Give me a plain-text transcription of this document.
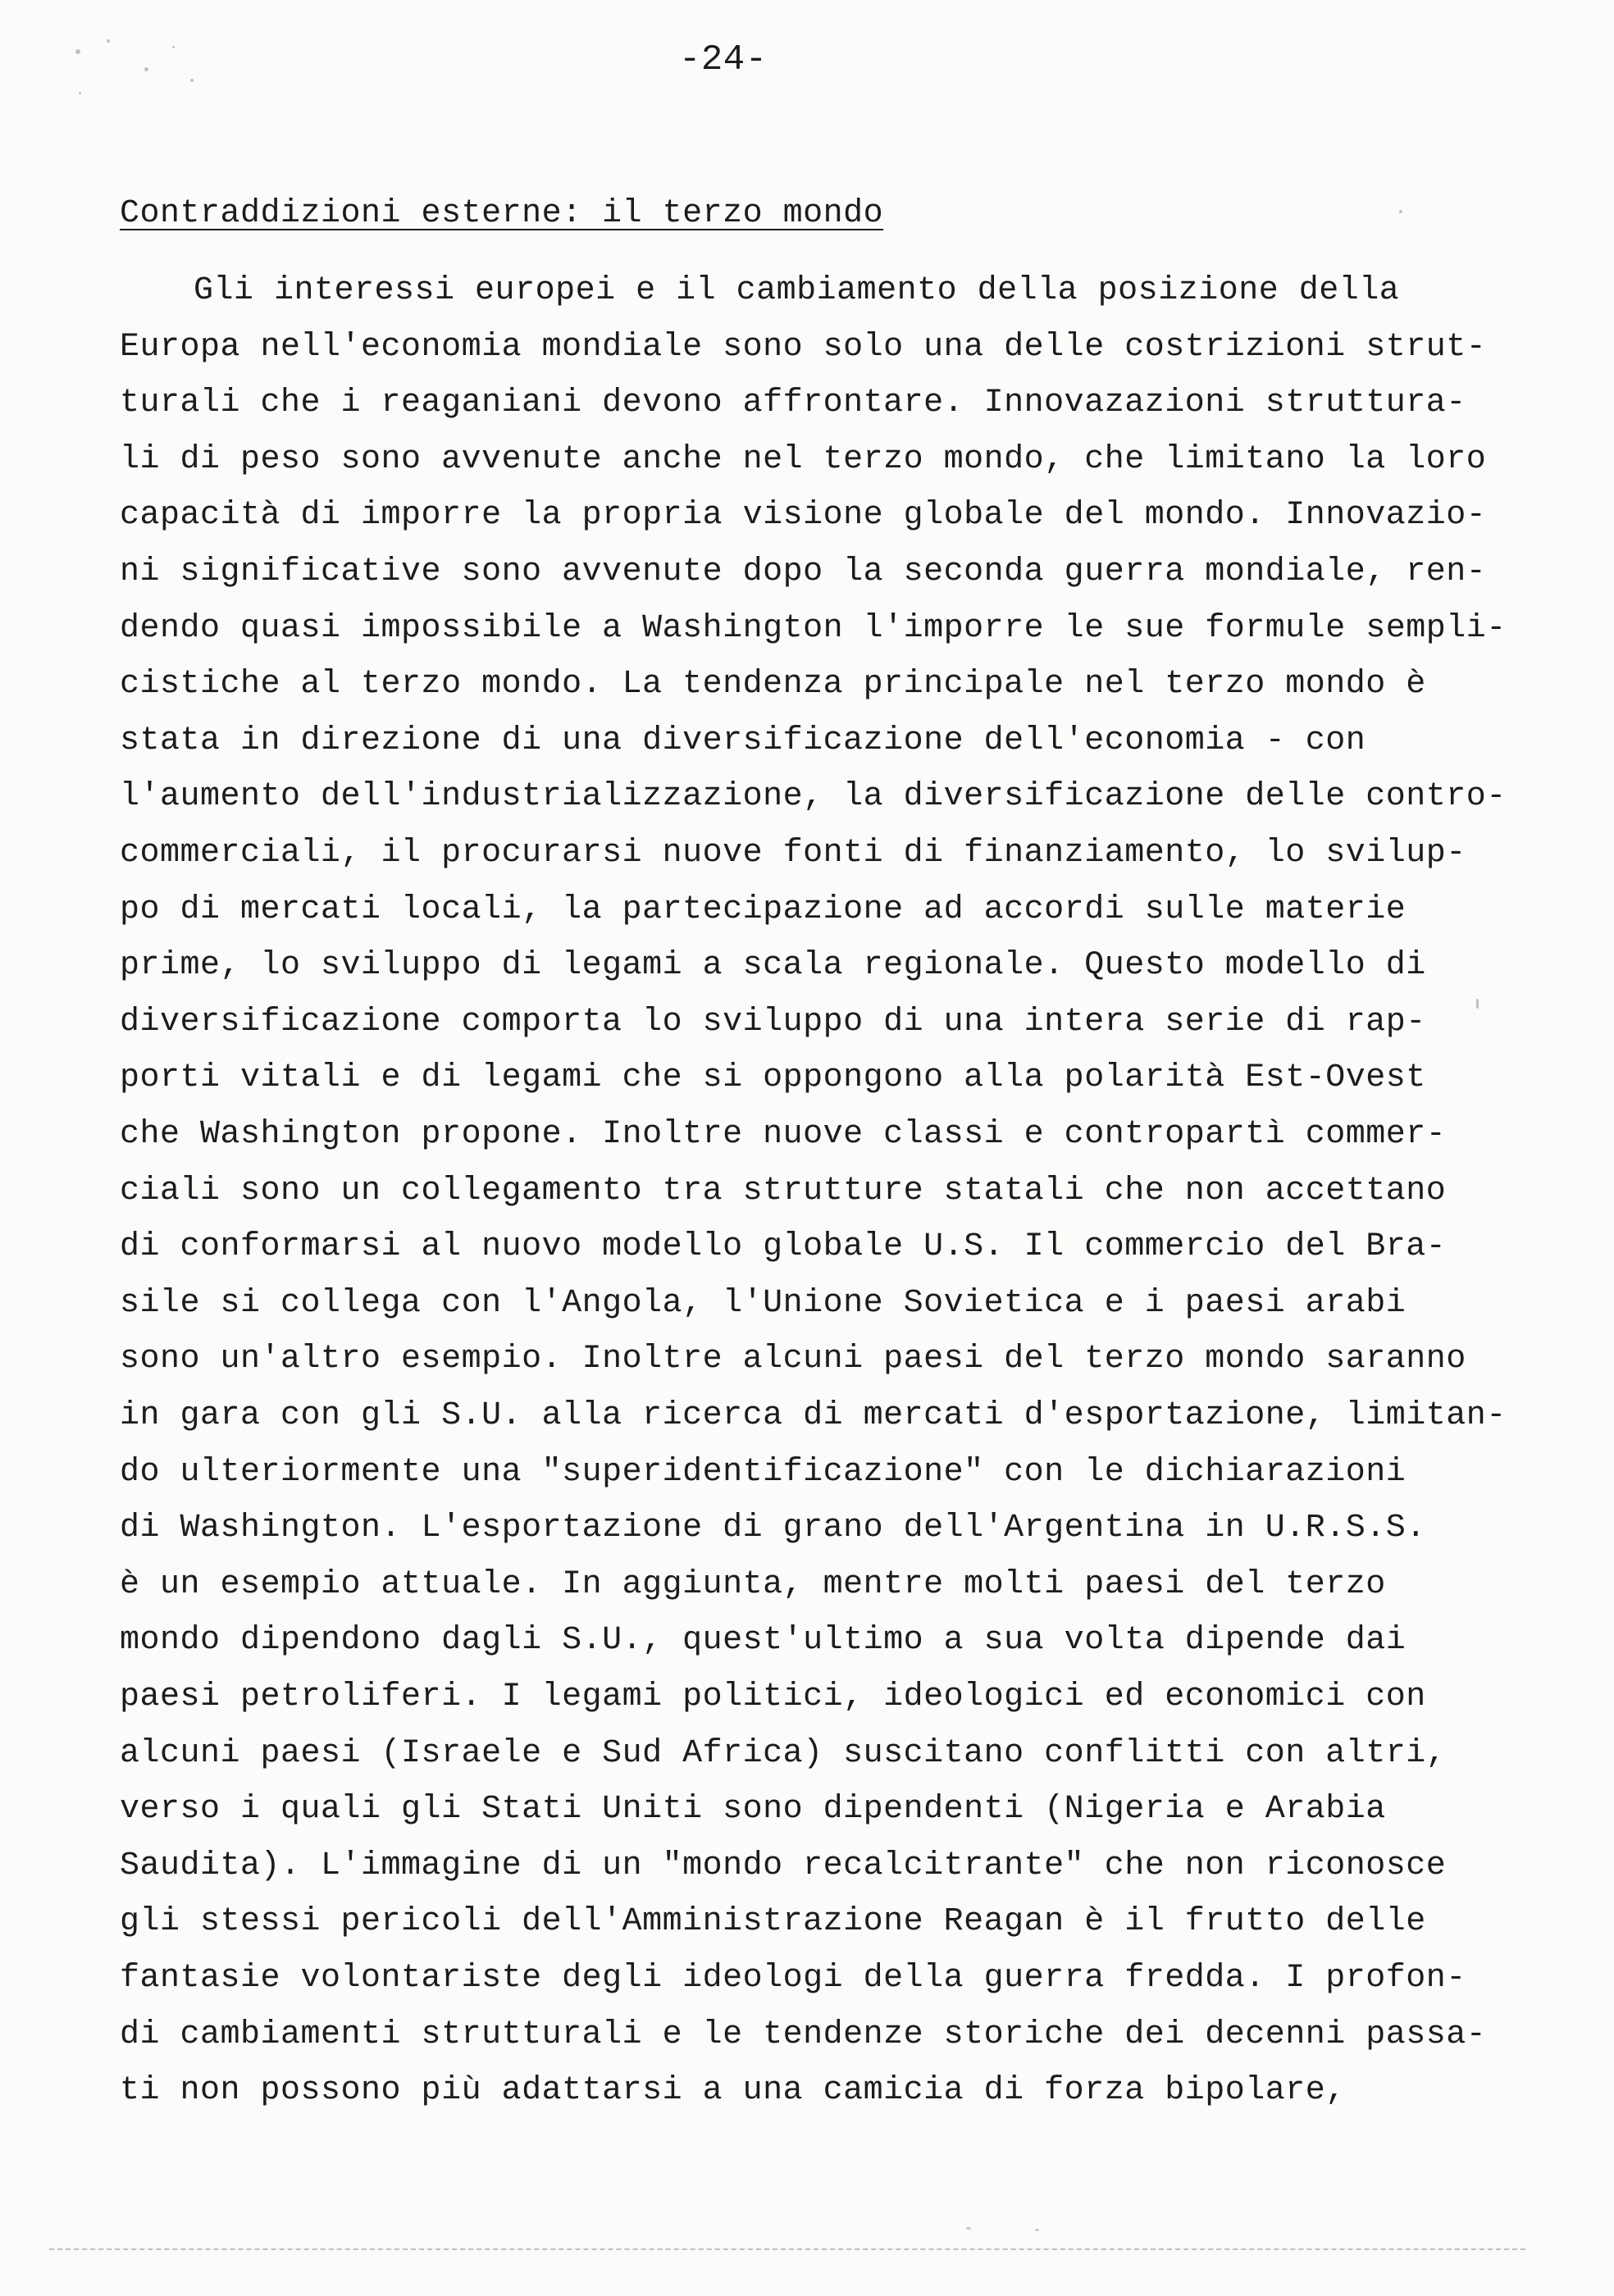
-24-
Contraddizioni esterne: il terzo mondo

Gli interessi europei e il cambiamento della posizione della

Europa nell'economia mondiale sono solo una delle costrizioni strut-

turali che i reaganiani devono affrontare. Innovazazioni struttura-

li di peso sono avvenute anche nel terzo mondo, che limitano la loro

capacità di imporre la propria visione globale del mondo. Innovazio-

ni significative sono avvenute dopo la seconda guerra mondiale, ren-

dendo quasi impossibile a Washington l'imporre le sue formule sempli-

cistiche al terzo mondo. La tendenza principale nel terzo mondo è

stata in direzione di una diversificazione dell'economia - con

l'aumento dell'industrializzazione, la diversificazione delle contro-

commerciali, il procurarsi nuove fonti di finanziamento, lo svilup-

po di mercati locali, la partecipazione ad accordi sulle materie

prime, lo sviluppo di legami a scala regionale. Questo modello di

diversificazione comporta lo sviluppo di una intera serie di rap-

porti vitali e di legami che si oppongono alla polarità Est-Ovest

che Washington propone. Inoltre nuove classi e contropartì commer-

ciali sono un collegamento tra strutture statali che non accettano

di conformarsi al nuovo modello globale U.S. Il commercio del Bra-

sile si collega con l'Angola, l'Unione Sovietica e i paesi arabi

sono un'altro esempio. Inoltre alcuni paesi del terzo mondo saranno

in gara con gli S.U. alla ricerca di mercati d'esportazione, limitan-

do ulteriormente una "superidentificazione" con le dichiarazioni

di Washington. L'esportazione di grano dell'Argentina in U.R.S.S.

è un esempio attuale. In aggiunta, mentre molti paesi del terzo

mondo dipendono dagli S.U., quest'ultimo a sua volta dipende dai

paesi petroliferi. I legami politici, ideologici ed economici con

alcuni paesi (Israele e Sud Africa) suscitano conflitti con altri,

verso i quali gli Stati Uniti sono dipendenti (Nigeria e Arabia

Saudita). L'immagine di un "mondo recalcitrante" che non riconosce

gli stessi pericoli dell'Amministrazione Reagan è il frutto delle

fantasie volontariste degli ideologi della guerra fredda. I profon-

di cambiamenti strutturali e le tendenze storiche dei decenni passa-

ti non possono più adattarsi a una camicia di forza bipolare,
